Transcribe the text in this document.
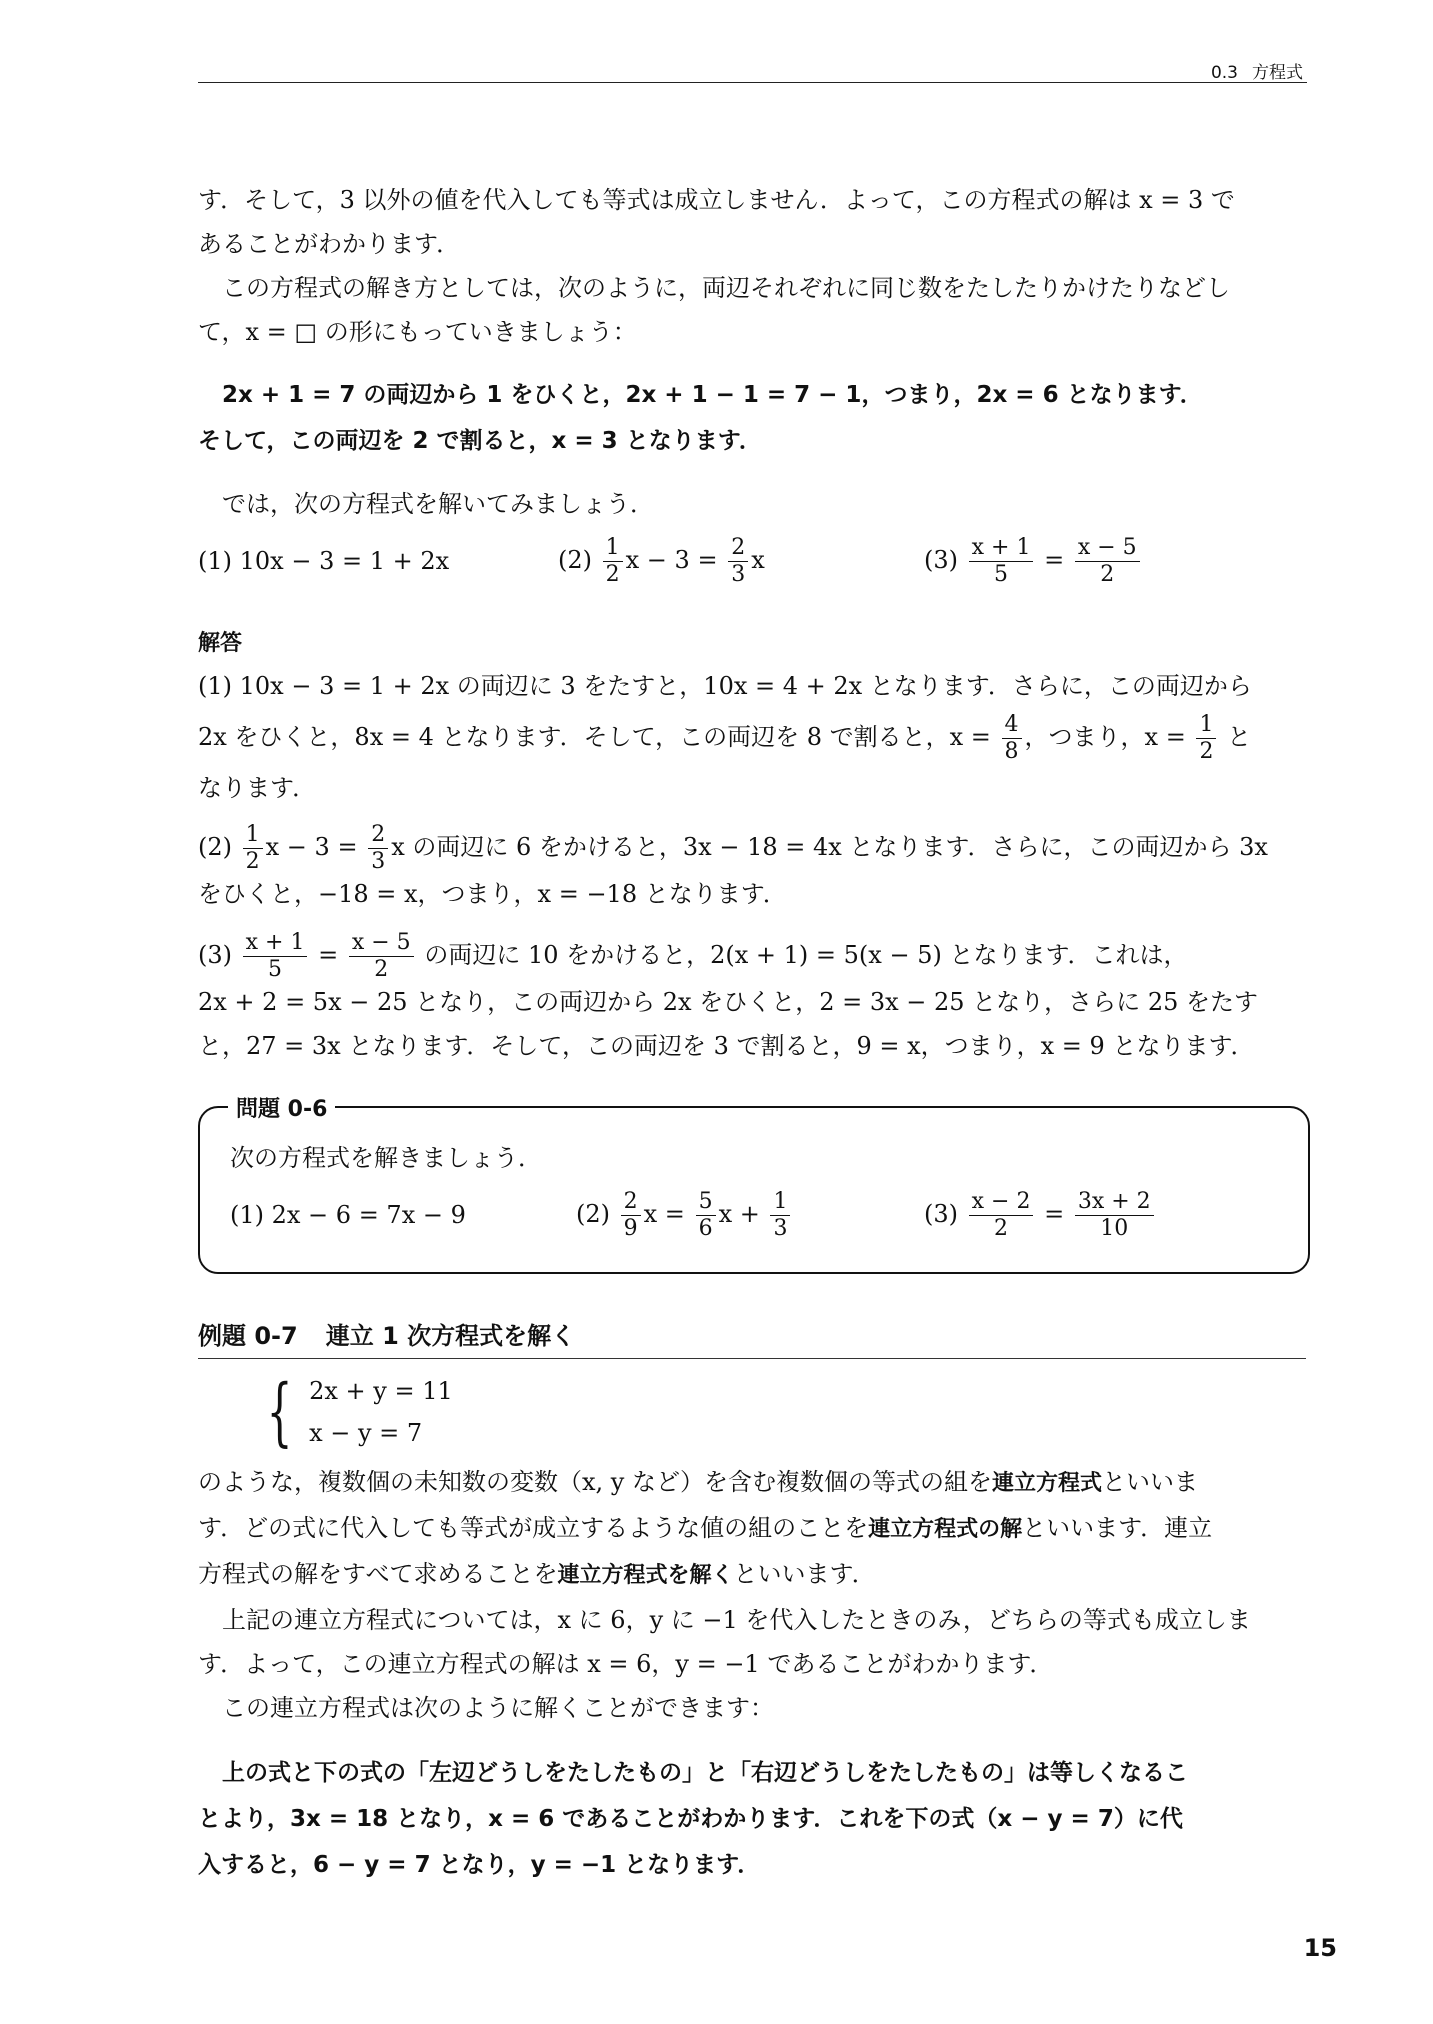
0.3 方程式

す．そして，3 以外の値を代入しても等式は成立しません．よって，この方程式の解は x = 3 で

あることがわかります．

この方程式の解き方としては，次のように，両辺それぞれに同じ数をたしたりかけたりなどし

て，x = □ の形にもっていきましょう：

2x + 1 = 7 の両辺から 1 をひくと，2x + 1 − 1 = 7 − 1，つまり，2x = 6 となります．

そして，この両辺を 2 で割ると，x = 3 となります．

では，次の方程式を解いてみましょう．

(1) 10x − 3 = 1 + 2x	$(2) \frac{1}{2}$ $x - 3 = \frac{2}{3}$ x	$(3) \frac{x + 1}{5} = \frac{x - 5}{2}$
解答

(1) 10x − 3 = 1 + 2x の両辺に 3 をたすと，10x = 4 + 2x となります．さらに，この両辺から

2x をひくと，8x = 4 となります．そして，この両辺を 8 で割ると，$x = \frac{4}{8}$ ，つまり，$x = \frac{1}{2}$ と

なります．

$(2) \frac{1}{2}$ $x - 3 = \frac{2}{3}$ x の両辺に 6 をかけると，3x − 18 = 4x となります．さらに，この両辺から 3x

をひくと，−18 = x，つまり，x = −18 となります．

$(3) \frac{x + 1}{5} = \frac{x - 5}{2}$ の両辺に 10 をかけると，2(x + 1) = 5(x − 5) となります．これは，

2x + 2 = 5x − 25 となり，この両辺から 2x をひくと，2 = 3x − 25 となり，さらに 25 をたす

と，27 = 3x となります．そして，この両辺を 3 で割ると，9 = x，つまり，x = 9 となります．

問題 0-6

次の方程式を解きましょう．

(1) 2x − 6 = 7x − 9	$(2) \frac{2}{9}$ $x = \frac{5}{6}$ $x + \frac{1}{3}$	$(3) \frac{x - 2}{2} = \frac{3x + 2}{10}$
例題 0-7 連立 1 次方程式を解く
{ 2x + y = 11
x − y = 7

のような，複数個の未知数の変数（x, y など）を含む複数個の等式の組を連立方程式といいま

す．どの式に代入しても等式が成立するような値の組のことを連立方程式の解といいます．連立

方程式の解をすべて求めることを連立方程式を解くといいます．

上記の連立方程式については，x に 6，y に −1 を代入したときのみ，どちらの等式も成立しま

す．よって，この連立方程式の解は x = 6，y = −1 であることがわかります．

この連立方程式は次のように解くことができます：

上の式と下の式の「左辺どうしをたしたもの」と「右辺どうしをたしたもの」は等しくなるこ

とより，3x = 18 となり，x = 6 であることがわかります．これを下の式（x − y = 7）に代

入すると，6 − y = 7 となり，y = −1 となります．

15
